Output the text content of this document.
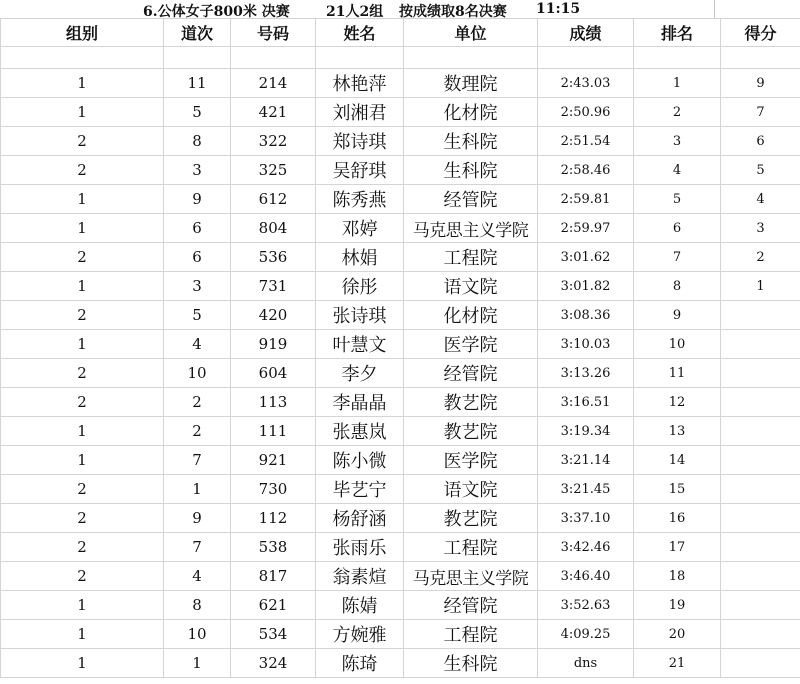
6.公体女子800米 决赛	21人2组 按成绩取8名决赛 11:15
组别	道次	号码	姓名	单位	成绩	排名	得分

1	11	214	林艳萍	数理院	2:43.03	1	9
1	5	421	刘湘君	化材院	2:50.96	2	7
2	8	322	郑诗琪	生科院	2:51.54	3	6
2	3	325	吴舒琪	生科院	2:58.46	4	5
1	9	612	陈秀燕	经管院	2:59.81	5	4
1	6	804	邓婷	马克思主义学院	2:59.97	6	3
2	6	536	林娟	工程院	3:01.62	7	2
1	3	731	徐彤	语文院	3:01.82	8	1
2	5	420	张诗琪	化材院	3:08.36	9	
1	4	919	叶慧文	医学院	3:10.03	10	
2	10	604	李夕	经管院	3:13.26	11	
2	2	113	李晶晶	教艺院	3:16.51	12	
1	2	111	张惠岚	教艺院	3:19.34	13	
1	7	921	陈小微	医学院	3:21.14	14	
2	1	730	毕艺宁	语文院	3:21.45	15	
2	9	112	杨舒涵	教艺院	3:37.10	16	
2	7	538	张雨乐	工程院	3:42.46	17	
2	4	817	翁素煊	马克思主义学院	3:46.40	18	
1	8	621	陈婧	经管院	3:52.63	19	
1	10	534	方婉雅	工程院	4:09.25	20	
1	1	324	陈琦	生科院	dns	21	
